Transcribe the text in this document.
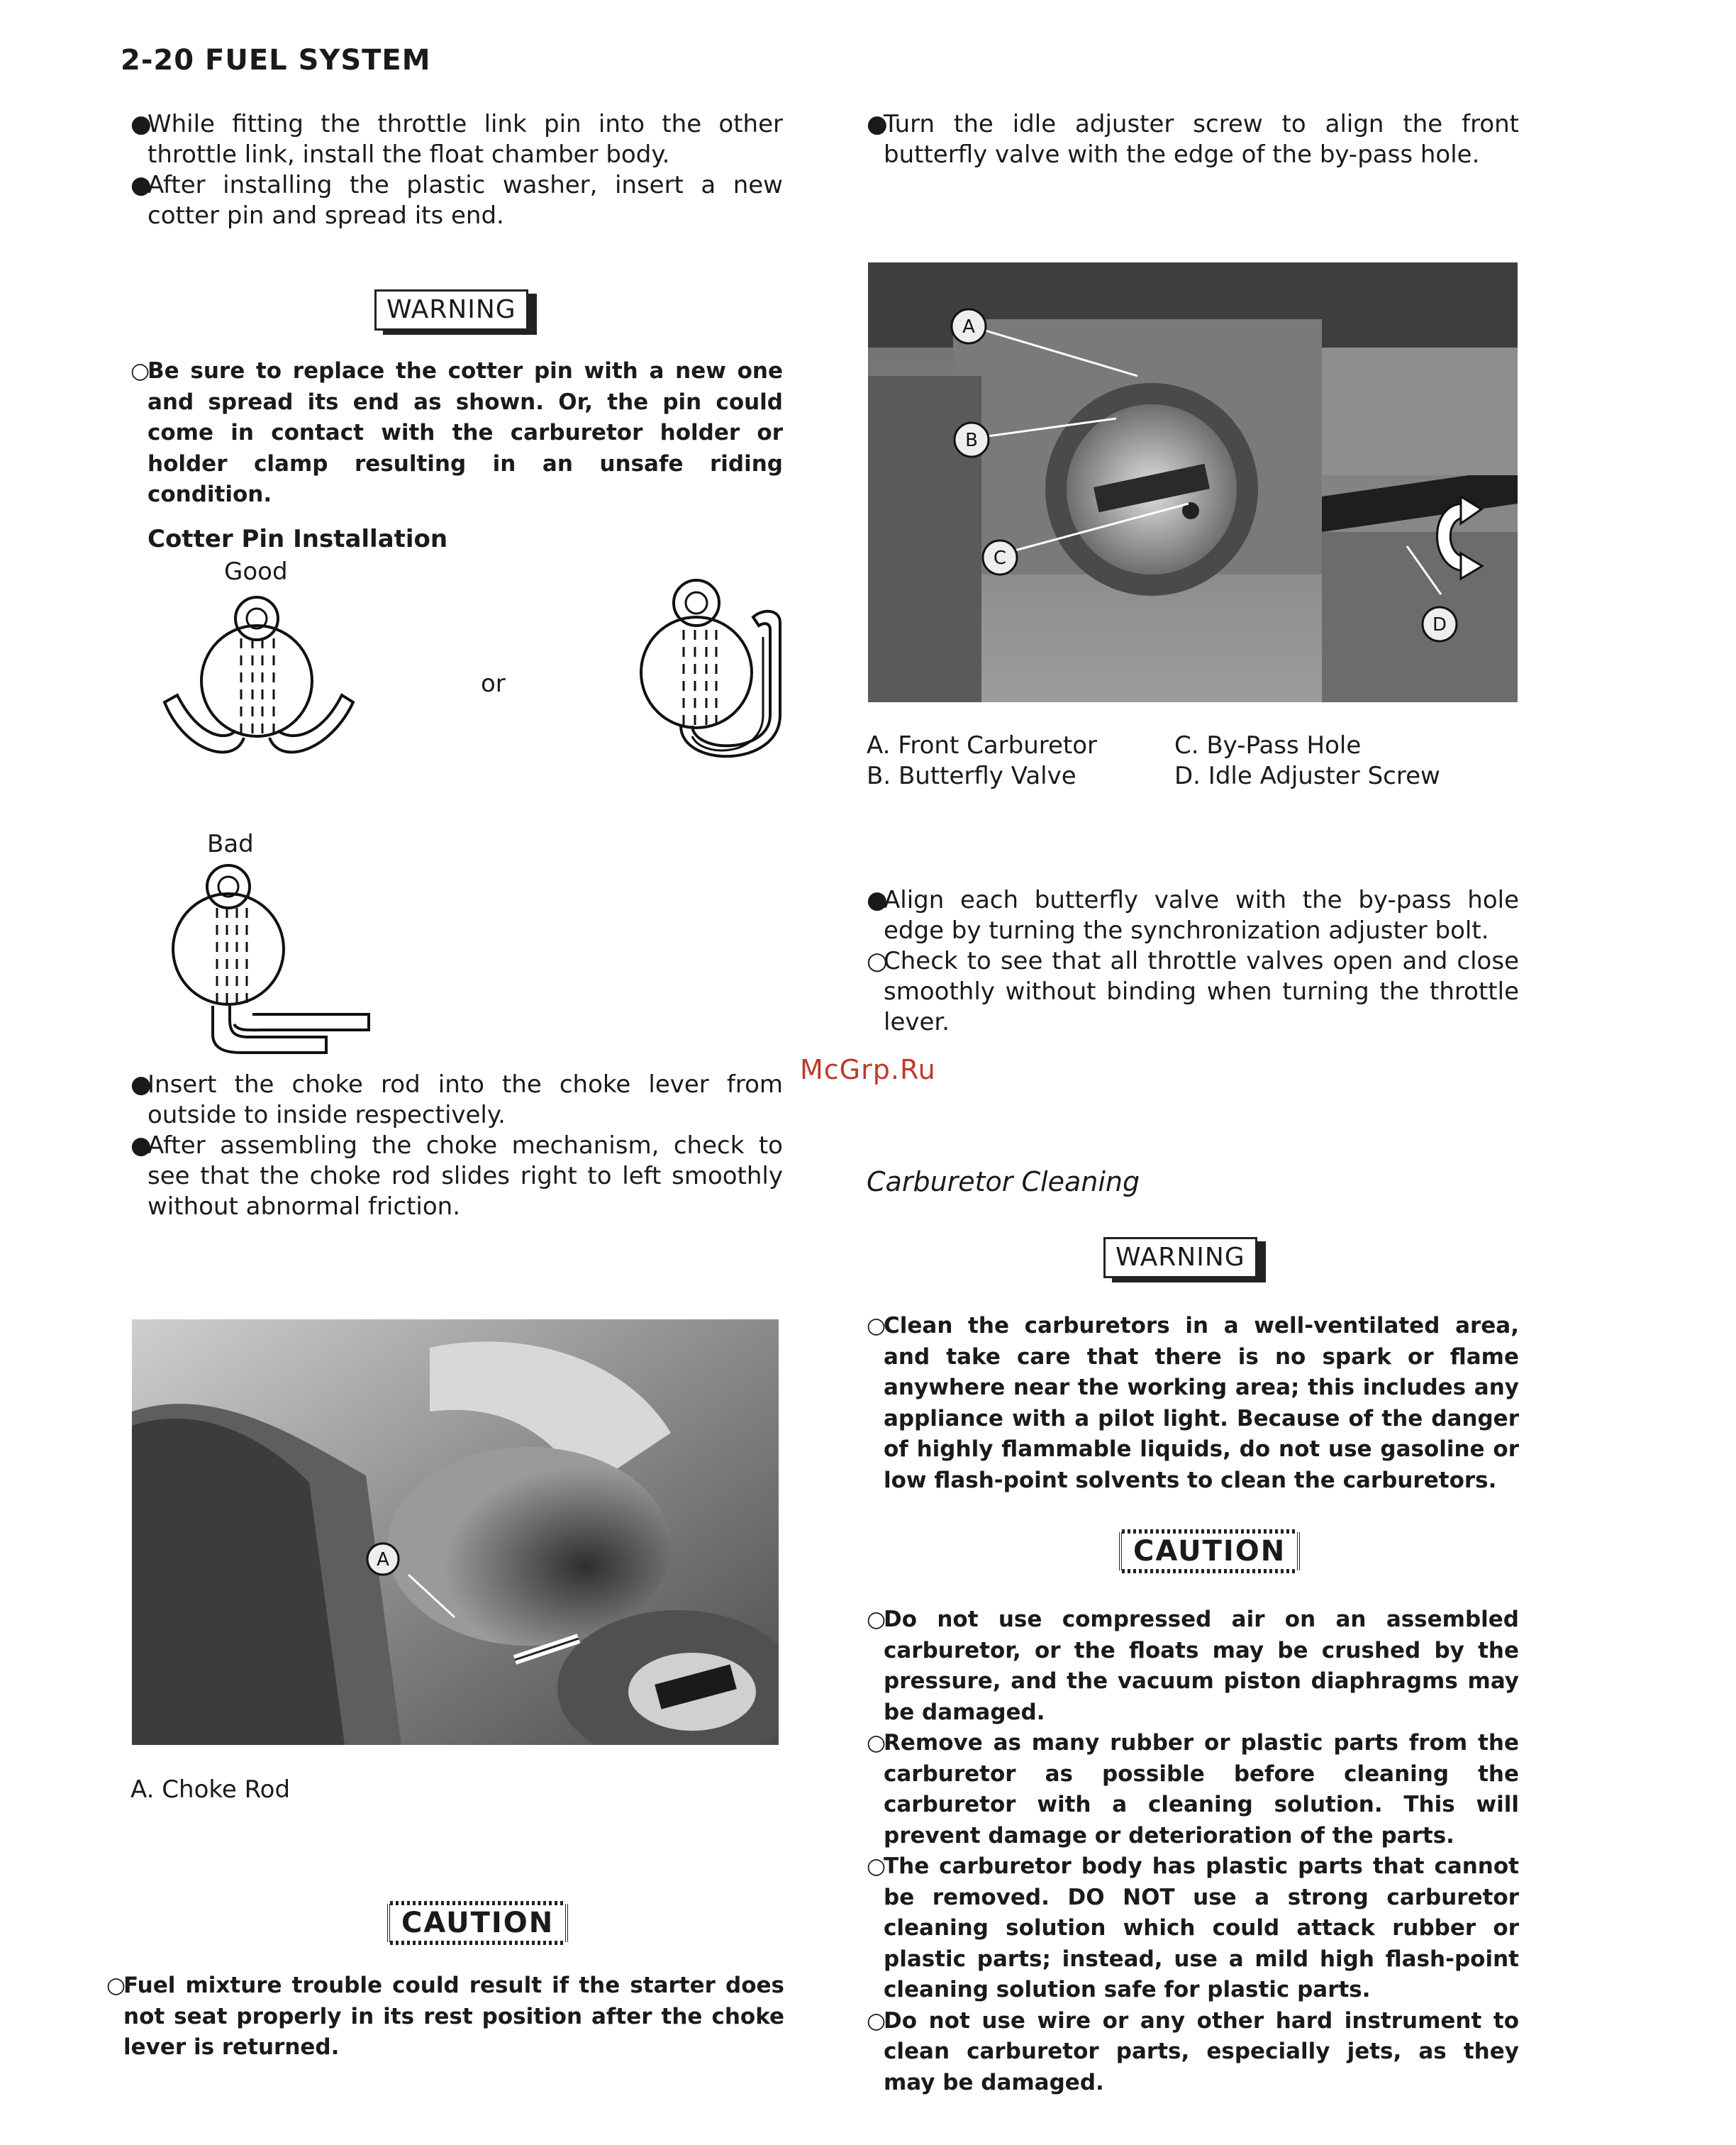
2-20 FUEL SYSTEM
●
While fitting the throttle link pin into the other throttle link, install the float chamber body.
●
After installing the plastic washer, insert a new cotter pin and spread its end.
WARNING
○
Be sure to replace the cotter pin with a new one and spread its end as shown. Or, the pin could come in contact with the carburetor holder or holder clamp resulting in an unsafe riding condition.
Cotter Pin Installation
Good
or
Bad
●
Insert the choke rod into the choke lever from outside to inside respectively.
●
After assembling the choke mechanism, check to see that the choke rod slides right to left smoothly without abnormal friction.
A
A. Choke Rod
CAUTION
○
Fuel mixture trouble could result if the starter does not seat properly in its rest position after the choke lever is returned.
●
Turn the idle adjuster screw to align the front butterfly valve with the edge of the by-pass hole.
A
B
C
D
A. Front Carburetor
B. Butterfly Valve
C. By-Pass Hole
D. Idle Adjuster Screw
●
Align each butterfly valve with the by-pass hole edge by turning the synchronization adjuster bolt.
○
Check to see that all throttle valves open and close smoothly without binding when turning the throttle lever.
McGrp.Ru
Carburetor Cleaning
WARNING
○
Clean the carburetors in a well-ventilated area, and take care that there is no spark or flame anywhere near the working area; this includes any appliance with a pilot light. Because of the danger of highly flammable liquids, do not use gasoline or low flash-point solvents to clean the carburetors.
CAUTION
○
Do not use compressed air on an assembled carburetor, or the floats may be crushed by the pressure, and the vacuum piston diaphragms may be damaged.
○
Remove as many rubber or plastic parts from the carburetor as possible before cleaning the carburetor with a cleaning solution. This will prevent damage or deterioration of the parts.
○
The carburetor body has plastic parts that cannot be removed. DO NOT use a strong carburetor cleaning solution which could attack rubber or plastic parts; instead, use a mild high flash-point cleaning solution safe for plastic parts.
○
Do not use wire or any other hard instrument to clean carburetor parts, especially jets, as they may be damaged.
